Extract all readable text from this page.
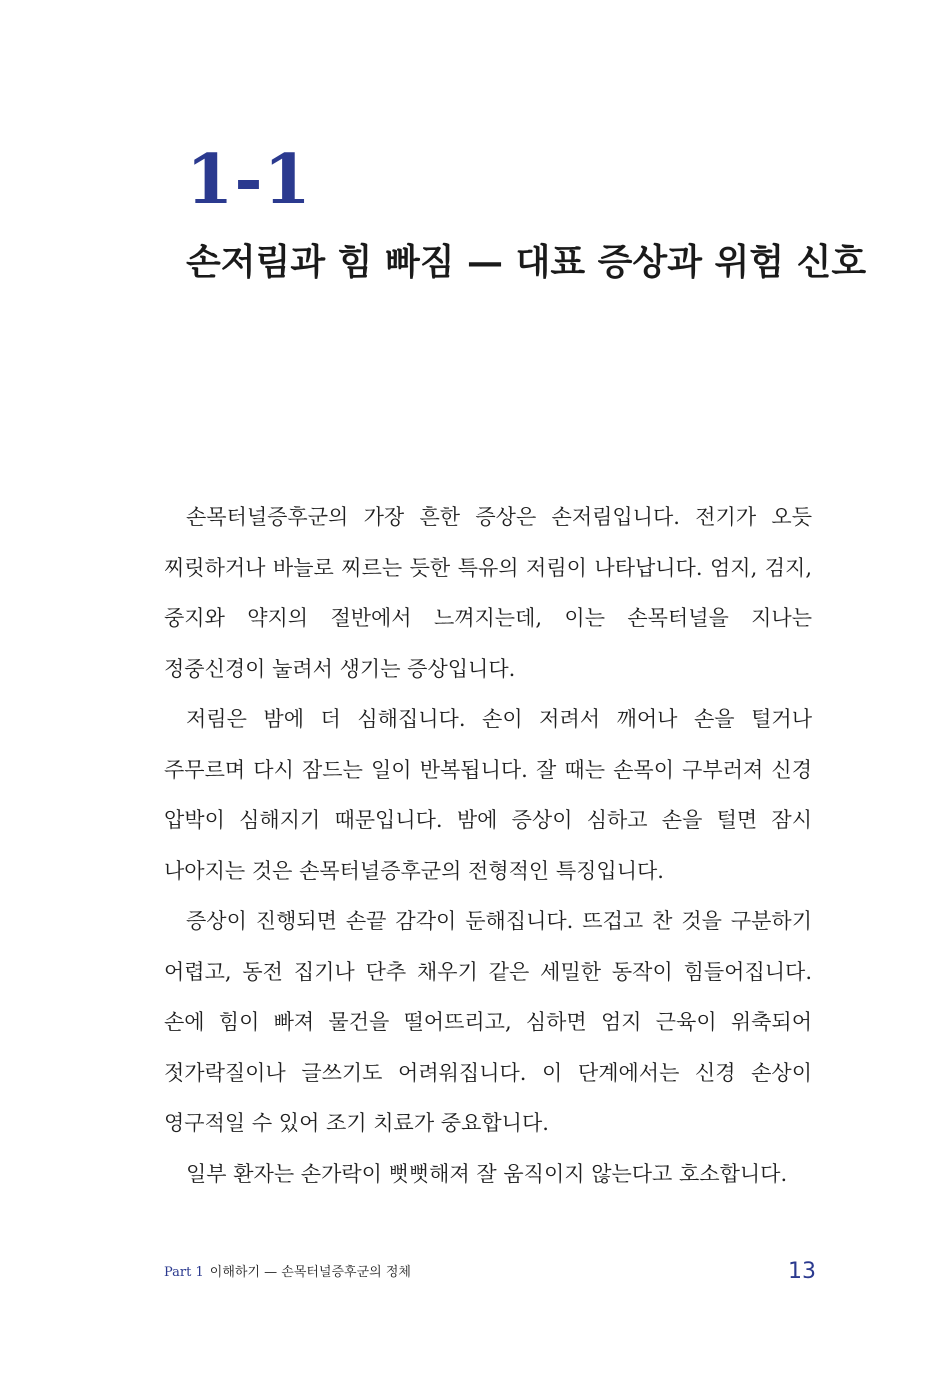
1-1
손저림과 힘 빠짐 — 대표 증상과 위험 신호

손목터널증후군의 가장 흔한 증상은 손저림입니다. 전기가 오듯 찌릿하거나 바늘로 찌르는 듯한 특유의 저림이 나타납니다. 엄지, 검지, 중지와 약지의 절반에서 느껴지는데, 이는 손목터널을 지나는 정중신경이 눌려서 생기는 증상입니다.

저림은 밤에 더 심해집니다. 손이 저려서 깨어나 손을 털거나 주무르며 다시 잠드는 일이 반복됩니다. 잘 때는 손목이 구부러져 신경 압박이 심해지기 때문입니다. 밤에 증상이 심하고 손을 털면 잠시 나아지는 것은 손목터널증후군의 전형적인 특징입니다.

증상이 진행되면 손끝 감각이 둔해집니다. 뜨겁고 찬 것을 구분하기 어렵고, 동전 집기나 단추 채우기 같은 세밀한 동작이 힘들어집니다. 손에 힘이 빠져 물건을 떨어뜨리고, 심하면 엄지 근육이 위축되어 젓가락질이나 글쓰기도 어려워집니다. 이 단계에서는 신경 손상이 영구적일 수 있어 조기 치료가 중요합니다.

일부 환자는 손가락이 뻣뻣해져 잘 움직이지 않는다고 호소합니다.

Part 1 이해하기 — 손목터널증후군의 정체	13
